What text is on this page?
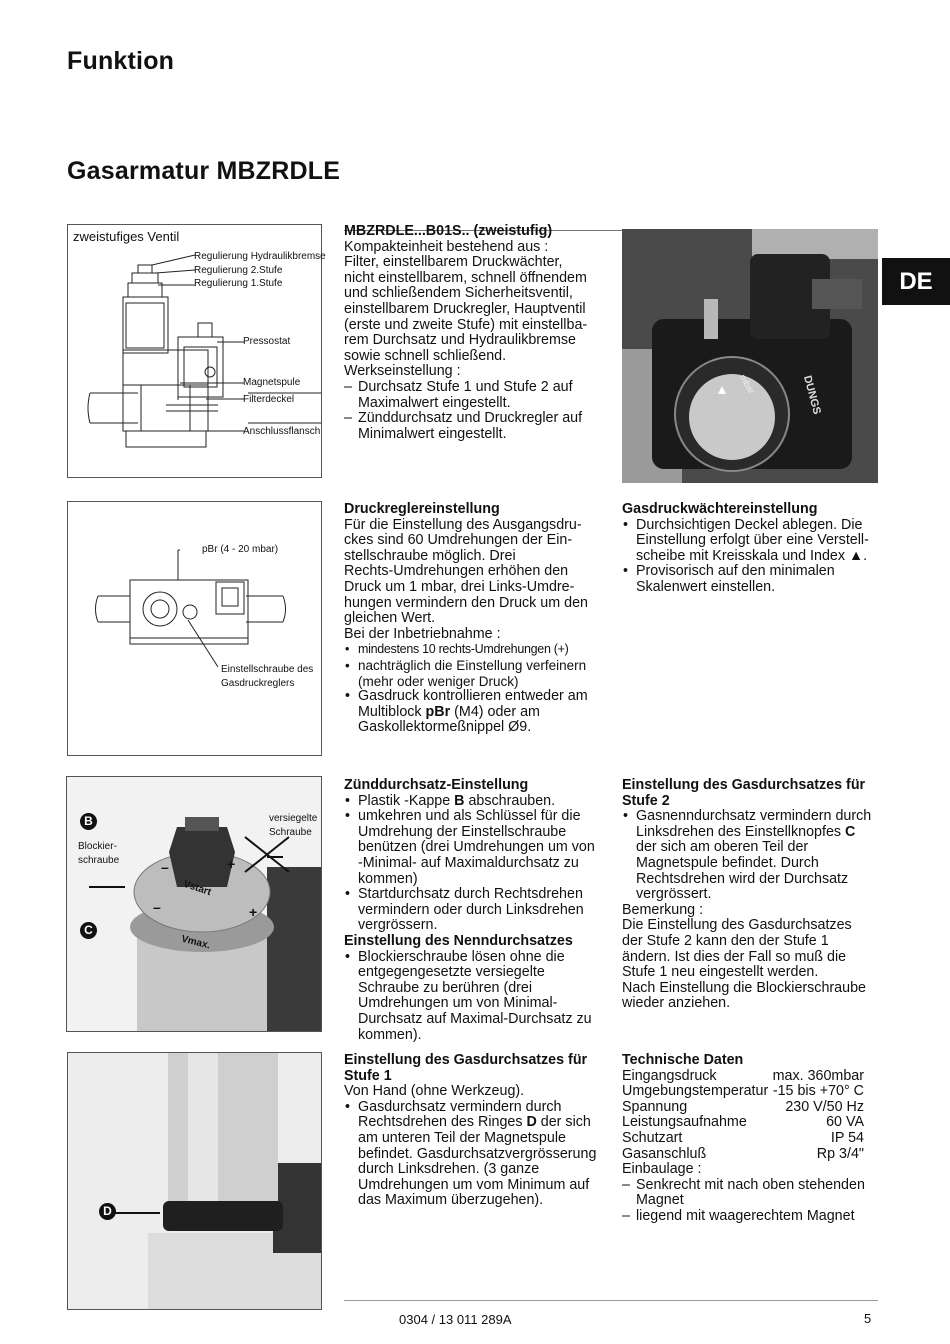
Funktion
Gasarmatur MBZRDLE
DE
zweistufiges Ventil
Regulierung Hydraulikbremse
Regulierung 2.Stufe
Regulierung 1.Stufe
Pressostat
Magnetspule
Filterdeckel
Anschlussflansch

MBZRDLE...B01S.. (zweistufig)

Kompakteinheit bestehend aus :

Filter, einstellbarem Druckwächter,

nicht einstellbarem, schnell öffnendem

und schließendem Sicherheitsventil,

einstellbarem Druckregler, Hauptventil

(erste und zweite Stufe) mit einstellba-

rem Durchsatz und Hydraulikbremse

sowie schnell schließend.

Werkseinstellung :

– Durchsatz Stufe 1 und Stufe 2 auf Maximalwert eingestellt.
– Zünddurchsatz und Druckregler auf Minimalwert eingestellt.
DUNGS
mbar
pBr (4 - 20 mbar)
Einstellschraube des
Gasdruckreglers

Druckreglereinstellung

Für die Einstellung des Ausgangsdru-

ckes sind 60 Umdrehungen der Ein-

stellschraube möglich. Drei

Rechts-Umdrehungen erhöhen den

Druck um 1 mbar, drei Links-Umdre-

hungen vermindern den Druck um den

gleichen Wert.

Bei der Inbetriebnahme :

• mindestens 10 rechts-Umdrehungen (+)
• nachträglich die Einstellung verfeinern (mehr oder weniger Druck)
• Gasdruck kontrollieren entweder am Multiblock pBr (M4) oder am Gaskollektormeßnippel Ø9.

Gasdruckwächtereinstellung

• Durchsichtigen Deckel ablegen. Die Einstellung erfolgt über eine Verstell-scheibe mit Kreisskala und Index ▲.
• Provisorisch auf den minimalen Skalenwert einstellen.
–	+
–	+
B
C
Blockier-
schraube
versiegelte
Schraube
Vstart
Vmax.

Zünddurchsatz-Einstellung

• Plastik -Kappe B abschrauben.
• umkehren und als Schlüssel für die Umdrehung der Einstellschraube benützen (drei Umdrehungen um von -Minimal- auf Maximaldurchsatz zu kommen)
• Startdurchsatz durch Rechtsdrehen vermindern oder durch Linksdrehen vergrössern.

Einstellung des Nenndurchsatzes

• Blockierschraube lösen ohne die entgegengesetzte versiegelte Schraube zu berühren (drei Umdrehungen um von Minimal-Durchsatz auf Maximal-Durchsatz zu kommen).

Einstellung des Gasdurchsatzes für Stufe 2

• Gasnenndurchsatz vermindern durch Linksdrehen des Einstellknopfes C der sich am oberen Teil der Magnetspule befindet. Durch Rechtsdrehen wird der Durchsatz vergrössert.

Bemerkung :

Die Einstellung des Gasdurchsatzes

der Stufe 2 kann den der Stufe 1

ändern. Ist dies der Fall so muß die

Stufe 1 neu eingestellt werden.

Nach Einstellung die Blockierschraube

wieder anziehen.

D

Einstellung des Gasdurchsatzes für Stufe 1

Von Hand (ohne Werkzeug).

• Gasdurchsatz vermindern durch Rechtsdrehen des Ringes D der sich am unteren Teil der Magnetspule befindet. Gasdurchsatzvergrösserung durch Linksdrehen. (3 ganze Umdrehungen um vom Minimum auf das Maximum überzugehen).

Technische Daten

Eingangsdruck	max. 360mbar
Umgebungstemperatur -15 bis +70° C
Spannung	230 V/50 Hz
Leistungsaufnahme	60 VA
Schutzart	IP 54
Gasanschluß	Rp 3/4"

Einbaulage :

– Senkrecht mit nach oben stehenden Magnet
– liegend mit waagerechtem Magnet
0304 / 13 011 289A	5
